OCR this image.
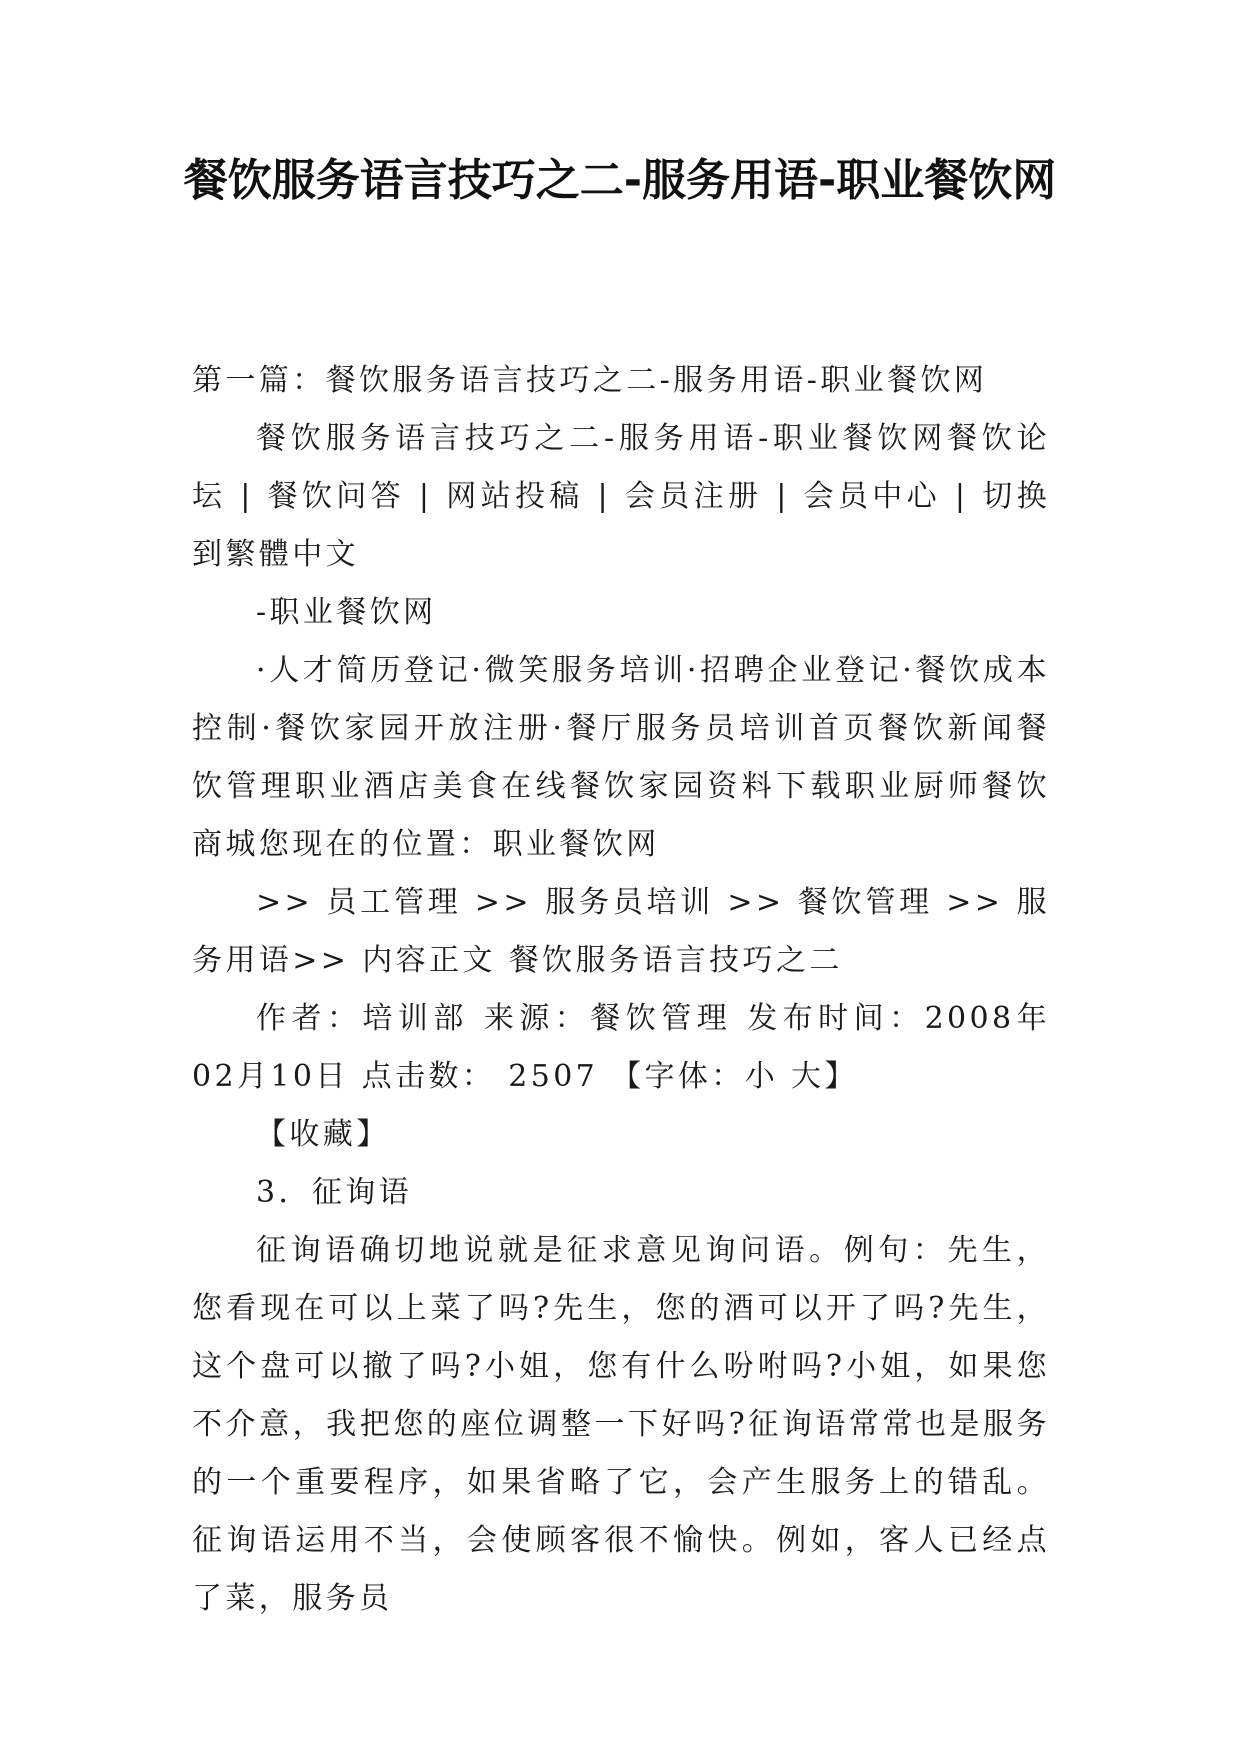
餐饮服务语言技巧之二-服务用语-职业餐饮网

第一篇：餐饮服务语言技巧之二-服务用语-职业餐饮网

餐饮服务语言技巧之二-服务用语-职业餐饮网餐饮论坛 | 餐饮问答 | 网站投稿 | 会员注册 | 会员中心 | 切换到繁體中文

-职业餐饮网

·人才简历登记·微笑服务培训·招聘企业登记·餐饮成本控制·餐饮家园开放注册·餐厅服务员培训首页餐饮新闻餐饮管理职业酒店美食在线餐饮家园资料下载职业厨师餐饮商城您现在的位置：职业餐饮网

>> 员工管理 >> 服务员培训 >> 餐饮管理 >> 服务用语>> 内容正文 餐饮服务语言技巧之二

作者：培训部 来源：餐饮管理 发布时间：2008年02月10日 点击数： 2507 【字体：小 大】

【收藏】

3．征询语

征询语确切地说就是征求意见询问语。例句：先生，您看现在可以上菜了吗?先生，您的酒可以开了吗?先生，这个盘可以撤了吗?小姐，您有什么吩咐吗?小姐，如果您不介意，我把您的座位调整一下好吗?征询语常常也是服务的一个重要程序，如果省略了它，会产生服务上的错乱。征询语运用不当，会使顾客很不愉快。例如，客人已经点了菜，服务员
